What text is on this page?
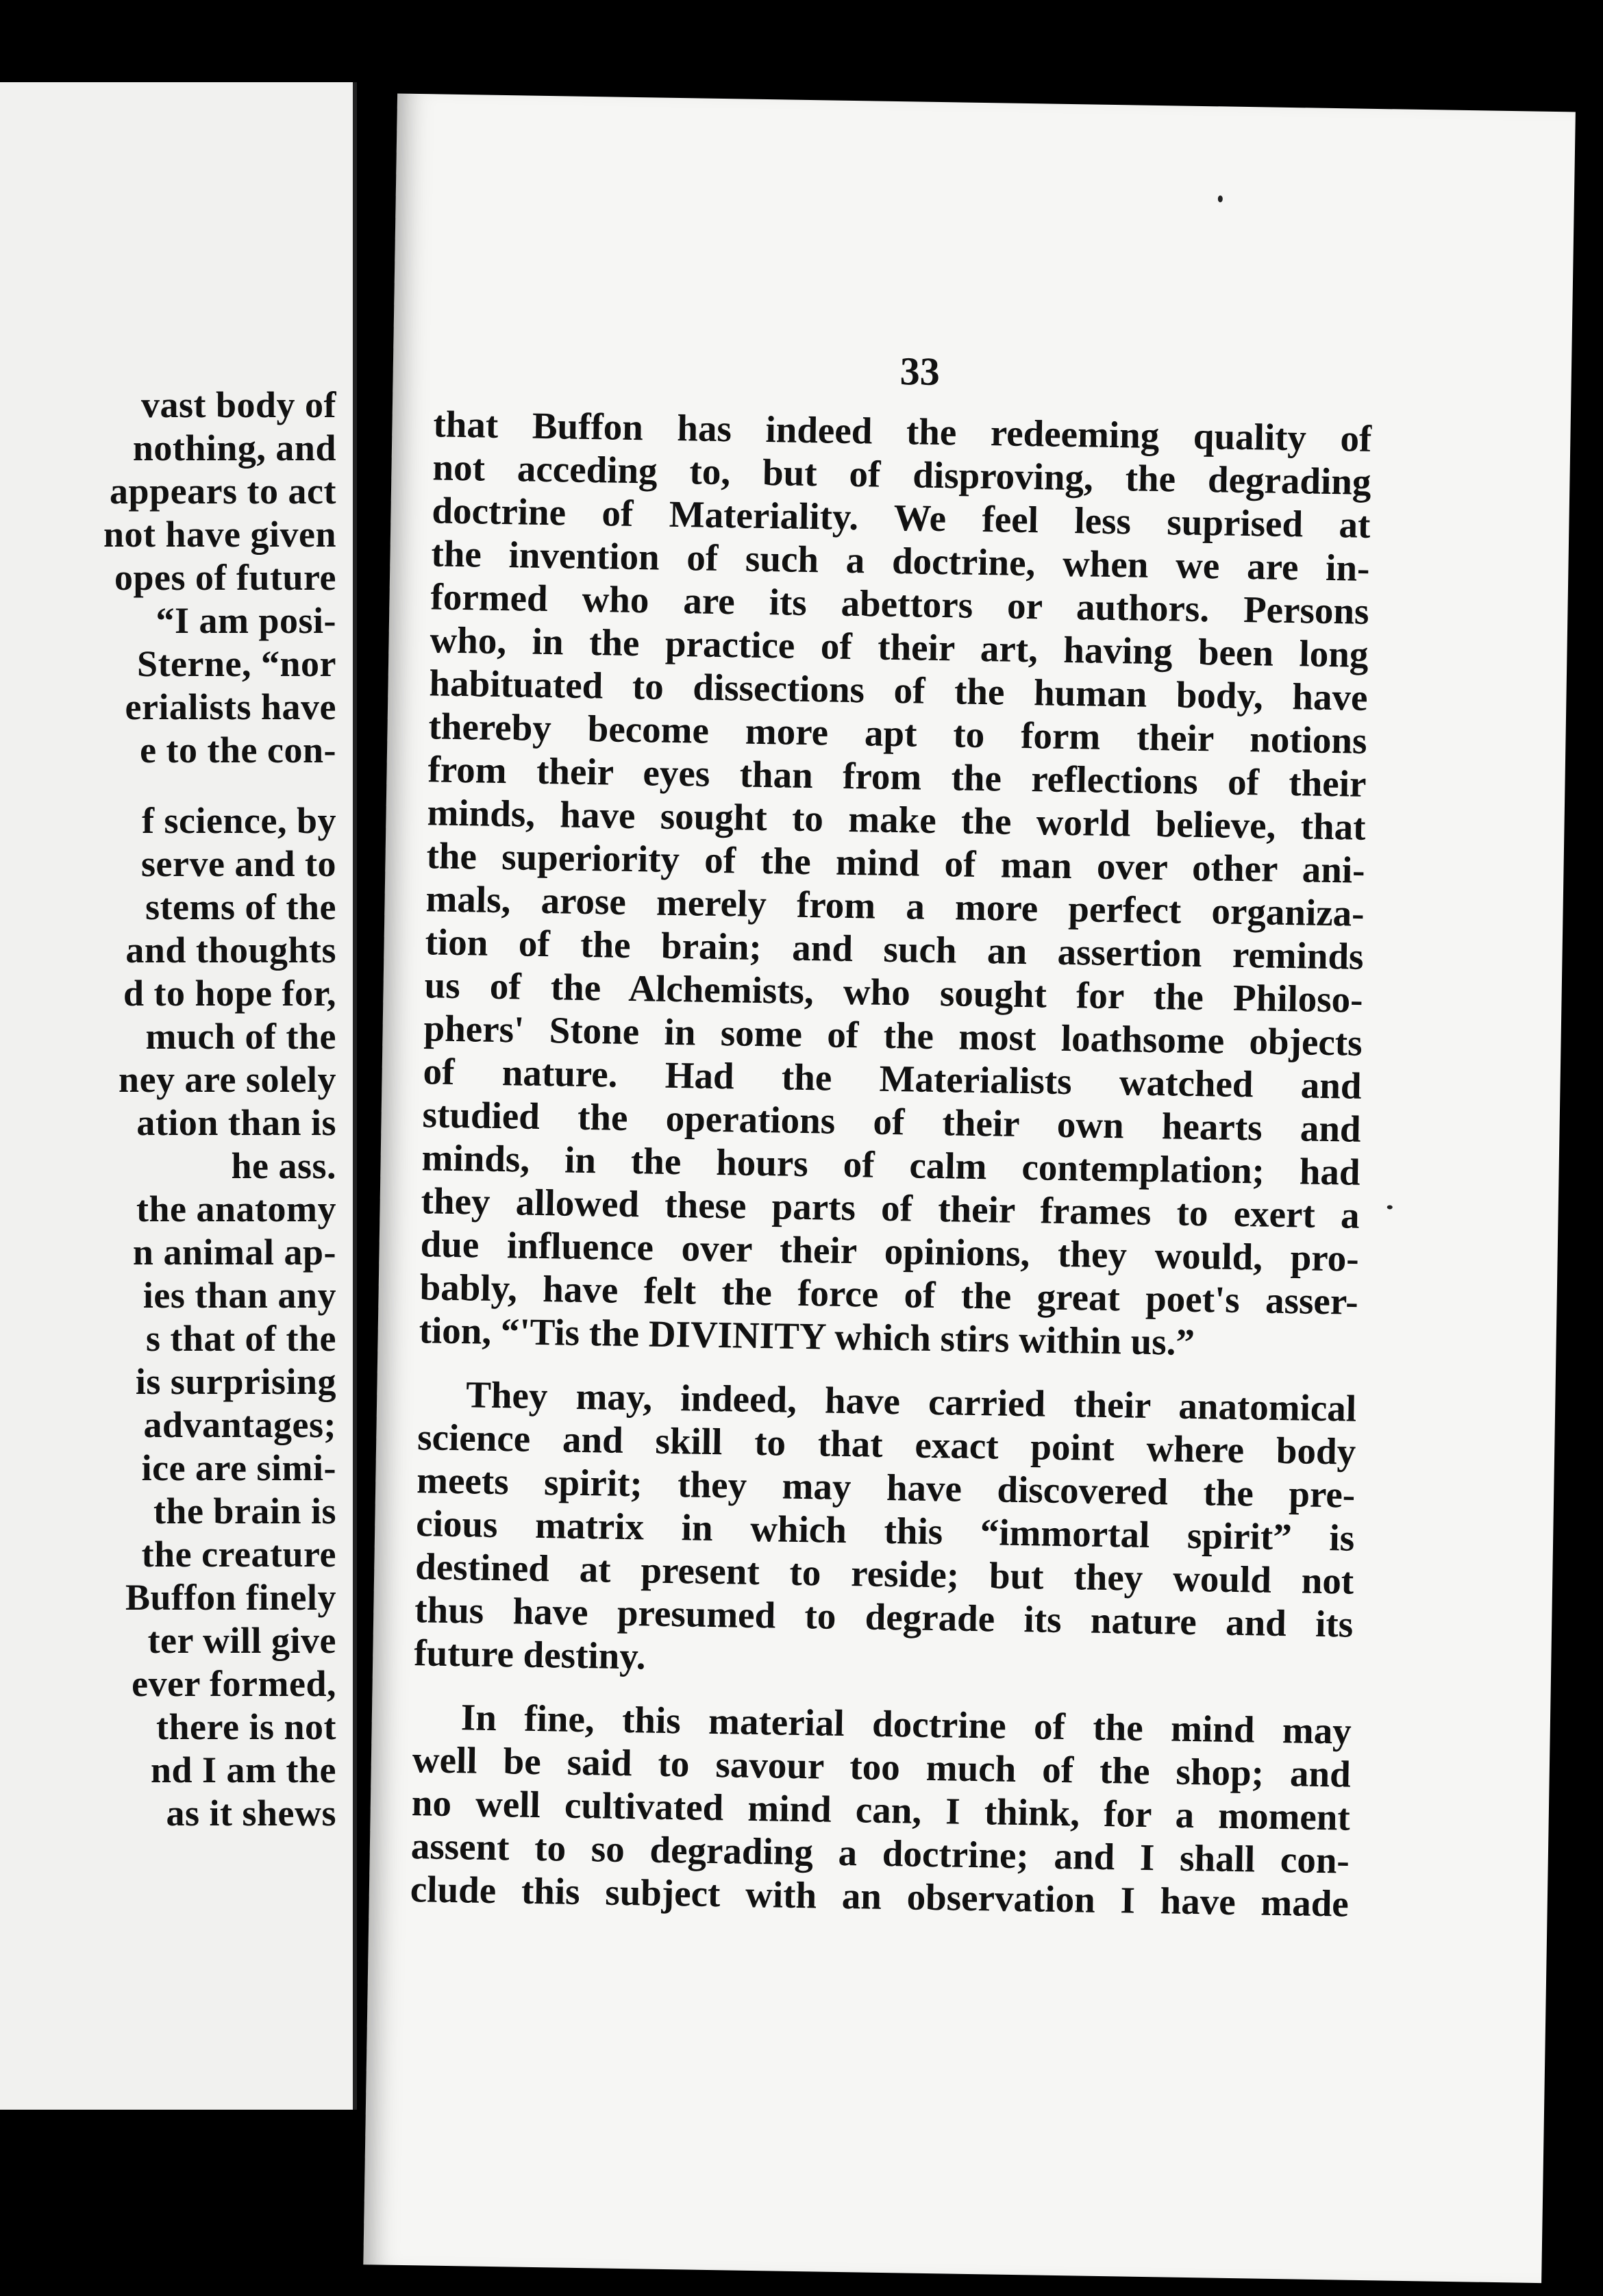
vast body of
nothing, and
appears to act
not have given
opes of future
“I am posi-
Sterne, “nor
erialists have
e to the con-
f science, by
serve and to
stems of the
and thoughts
d to hope for,
much of the
ney are solely
ation than is
he ass.
the anatomy
n animal ap-
ies than any
s that of the
is surprising
advantages;
ice are simi-
the brain is
the creature
Buffon finely
ter will give
ever formed,
there is not
nd I am the
as it shews
33
that Buffon has indeed the redeeming quality of
not acceding to, but of disproving, the degrading
doctrine of Materiality. We feel less suprised at
the invention of such a doctrine, when we are in-
formed who are its abettors or authors. Persons
who, in the practice of their art, having been long
habituated to dissections of the human body, have
thereby become more apt to form their notions
from their eyes than from the reflections of their
minds, have sought to make the world believe, that
the superiority of the mind of man over other ani-
mals, arose merely from a more perfect organiza-
tion of the brain; and such an assertion reminds
us of the Alchemists, who sought for the Philoso-
phers' Stone in some of the most loathsome objects
of nature. Had the Materialists watched and
studied the operations of their own hearts and
minds, in the hours of calm contemplation; had
they allowed these parts of their frames to exert a
due influence over their opinions, they would, pro-
bably, have felt the force of the great poet's asser-
tion, “'Tis the DIVINITY which stirs within us.”
They may, indeed, have carried their anatomical
science and skill to that exact point where body
meets spirit; they may have discovered the pre-
cious matrix in which this “immortal spirit” is
destined at present to reside; but they would not
thus have presumed to degrade its nature and its
future destiny.
In fine, this material doctrine of the mind may
well be said to savour too much of the shop; and
no well cultivated mind can, I think, for a moment
assent to so degrading a doctrine; and I shall con-
clude this subject with an observation I have made
